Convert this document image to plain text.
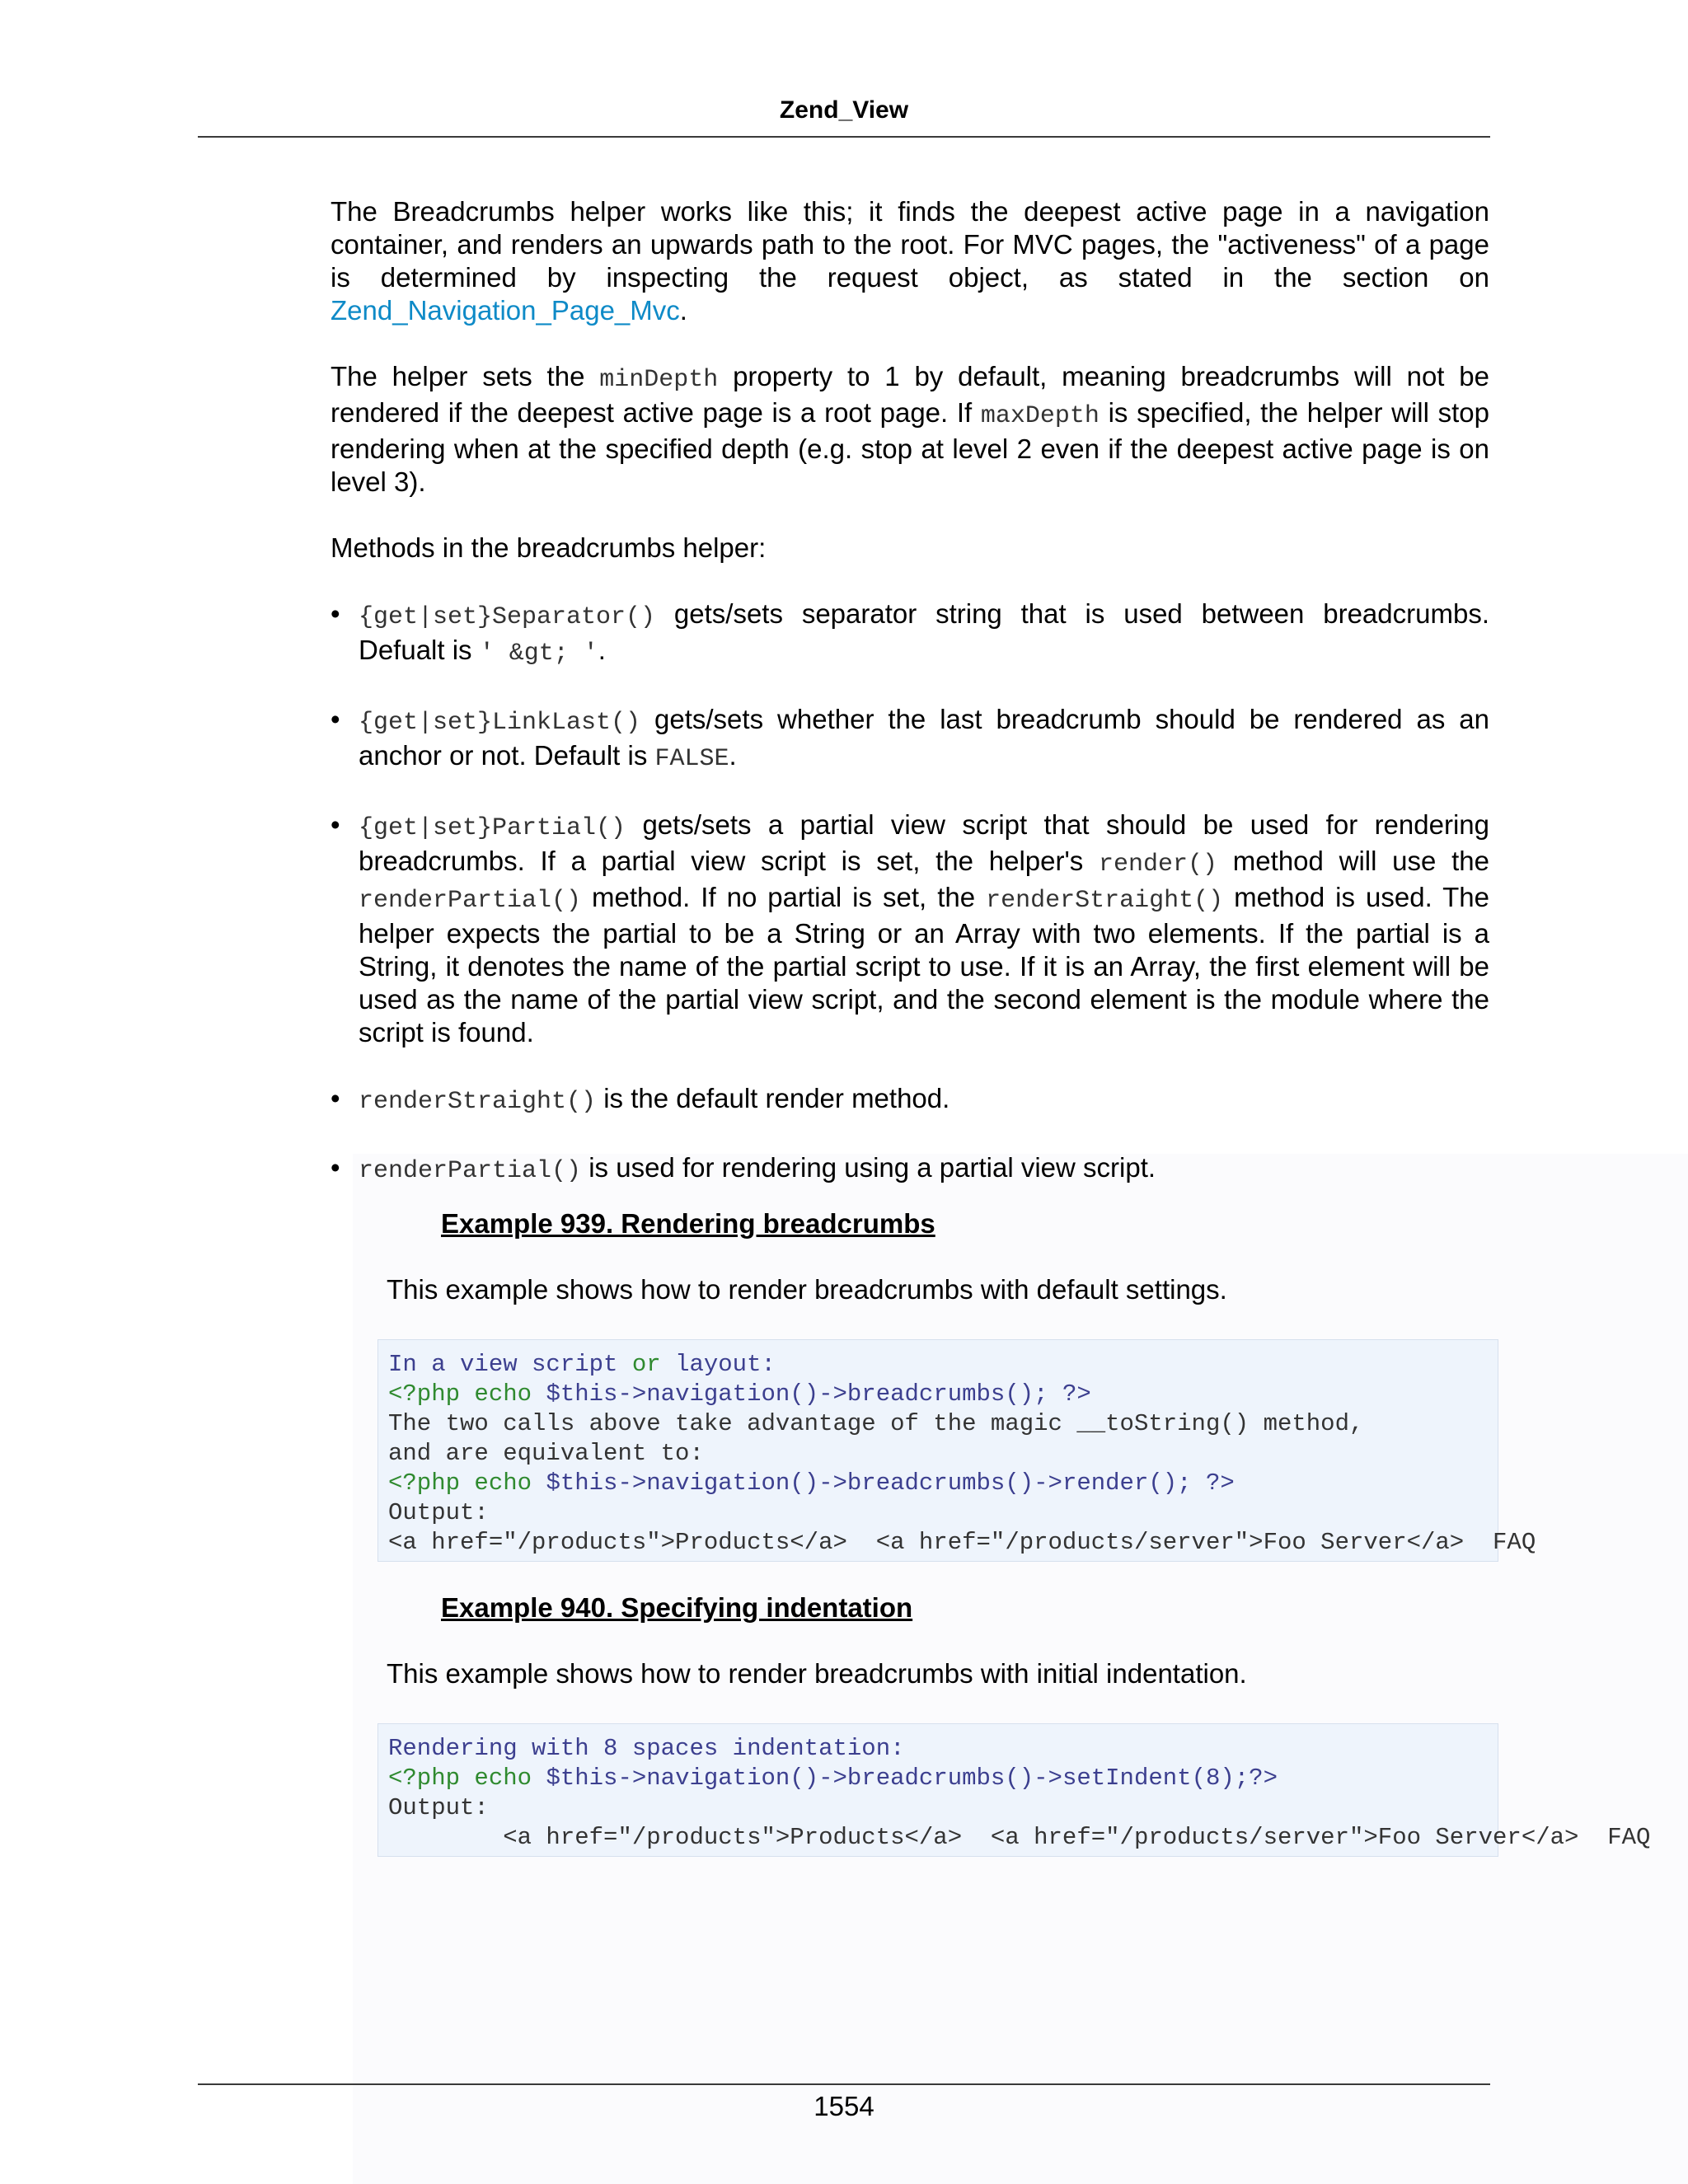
Zend_View

The Breadcrumbs helper works like this; it finds the deepest active page in a navigation container, and renders an upwards path to the root. For MVC pages, the "activeness" of a page is determined by inspecting the request object, as stated in the section on Zend_Navigation_Page_Mvc.

The helper sets the minDepth property to 1 by default, meaning breadcrumbs will not be rendered if the deepest active page is a root page. If maxDepth is specified, the helper will stop rendering when at the specified depth (e.g. stop at level 2 even if the deepest active page is on level 3).

Methods in the breadcrumbs helper:

• {get|set}Separator() gets/sets separator string that is used between breadcrumbs. Defualt is ' &gt; '.
• {get|set}LinkLast() gets/sets whether the last breadcrumb should be rendered as an anchor or not. Default is FALSE.
• {get|set}Partial() gets/sets a partial view script that should be used for rendering breadcrumbs. If a partial view script is set, the helper's render() method will use the renderPartial() method. If no partial is set, the renderStraight() method is used. The helper expects the partial to be a String or an Array with two elements. If the partial is a String, it denotes the name of the partial script to use. If it is an Array, the first element will be used as the name of the partial view script, and the second element is the module where the script is found.
• renderStraight() is the default render method.
• renderPartial() is used for rendering using a partial view script.
Example 939. Rendering breadcrumbs
This example shows how to render breadcrumbs with default settings.
In a view script or layout:
<?php echo $this->navigation()->breadcrumbs(); ?>
The two calls above take advantage of the magic __toString() method,
and are equivalent to:
<?php echo $this->navigation()->breadcrumbs()->render(); ?>
Output:
<a href="/products">Products</a>  <a href="/products/server">Foo Server</a>  FAQ
Example 940. Specifying indentation
This example shows how to render breadcrumbs with initial indentation.
Rendering with 8 spaces indentation:
<?php echo $this->navigation()->breadcrumbs()->setIndent(8);?>
Output:
<a href="/products">Products</a>  <a href="/products/server">Foo Server</a>  FAQ
1554
